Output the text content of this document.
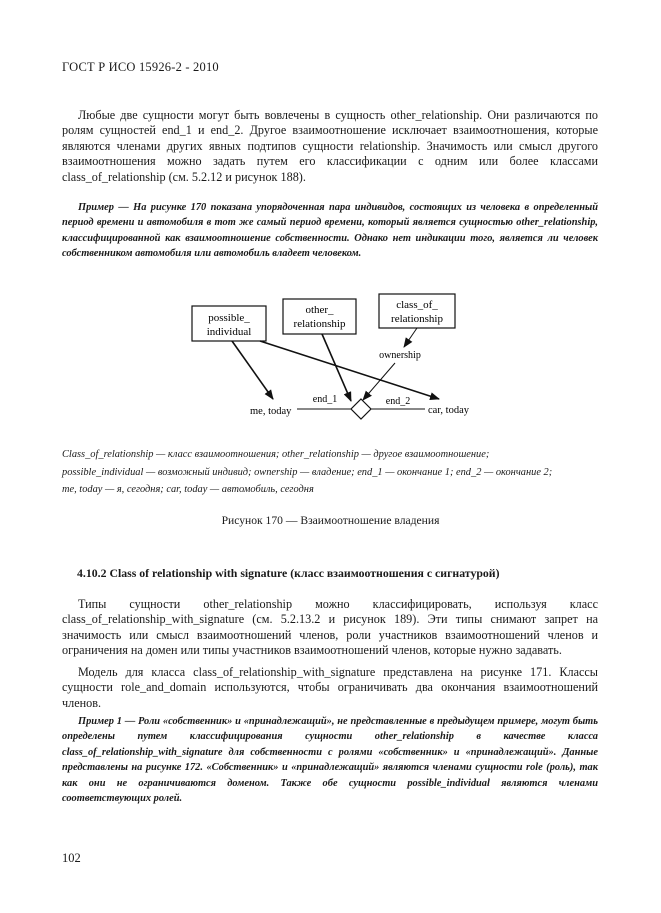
ГОСТ Р ИСО 15926-2 - 2010

Любые две сущности могут быть вовлечены в сущность other_relationship. Они различаются по ролям сущностей end_1 и end_2. Другое взаимоотношение исключает взаимоотношения, которые являются членами других явных подтипов сущности relationship. Значимость или смысл другого взаимоотношения можно задать путем его классификации с одним или более классами class_of_relationship (см. 5.2.12 и рисунок 188).

Пример — На рисунке 170 показана упорядоченная пара индивидов, состоящих из человека в определенный период времени и автомобиля в тот же самый период времени, который является сущностью other_relationship, классифицированной как взаимоотношение собственности. Однако нет индикации того, является ли человек собственником автомобиля или автомобиль владеет человеком.

possible_
individual
other_
relationship
class_of_
relationship
ownership
end_1	end_2
me, today	car, today
Class_of_relationship — класс взаимоотношения; other_relationship — другое взаимоотношение;
possible_individual — возможный индивид; ownership — владение; end_1 — окончание 1; end_2 — окончание 2;
me, today — я, сегодня; car, today — автомобиль, сегодня
Рисунок 170 — Взаимоотношение владения
4.10.2 Class of relationship with signature (класс взаимоотношения с сигнатурой)

Типы сущности other_relationship можно классифицировать, используя класс class_of_relationship_with_signature (см. 5.2.13.2 и рисунок 189). Эти типы снимают запрет на значимость или смысл взаимоотношений членов, роли участников взаимоотношений членов и ограничения на домен или типы участников взаимоотношений членов, которые нужно задавать.

Модель для класса class_of_relationship_with_signature представлена на рисунке 171. Классы сущности role_and_domain используются, чтобы ограничивать два окончания взаимоотношений членов.

Пример 1 — Роли «собственник» и «принадлежащий», не представленные в предыдущем примере, могут быть определены путем классифицирования сущности other_relationship в качестве класса class_of_relationship_with_signature для собственности с ролями «собственник» и «принадлежащий». Данные представлены на рисунке 172. «Собственник» и «принадлежащий» являются членами сущности role (роль), так как они не ограничиваются доменом. Также обе сущности possible_individual являются членами соответствующих ролей.

102
